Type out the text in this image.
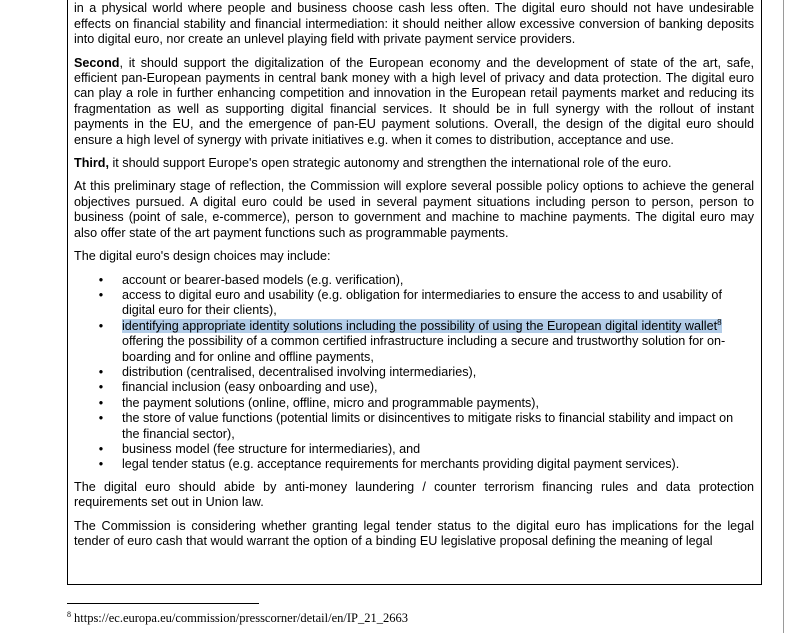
in a physical world where people and business choose cash less often. The digital euro should not have undesirable effects on financial stability and financial intermediation: it should neither allow excessive conversion of banking deposits into digital euro, nor create an unlevel playing field with private payment service providers.

Second, it should support the digitalization of the European economy and the development of state of the art, safe, efficient pan-European payments in central bank money with a high level of privacy and data protection. The digital euro can play a role in further enhancing competition and innovation in the European retail payments market and reducing its fragmentation as well as supporting digital financial services. It should be in full synergy with the rollout of instant payments in the EU, and the emergence of pan-EU payment solutions. Overall, the design of the digital euro should ensure a high level of synergy with private initiatives e.g. when it comes to distribution, acceptance and use.

Third, it should support Europe's open strategic autonomy and strengthen the international role of the euro.

At this preliminary stage of reflection, the Commission will explore several possible policy options to achieve the general objectives pursued. A digital euro could be used in several payment situations including person to person, person to business (point of sale, e-commerce), person to government and machine to machine payments. The digital euro may also offer state of the art payment functions such as programmable payments.

The digital euro's design choices may include:

• account or bearer-based models (e.g. verification),
• access to digital euro and usability (e.g. obligation for intermediaries to ensure the access to and usability of digital euro for their clients),
• identifying appropriate identity solutions including the possibility of using the European digital identity wallet$^8$
offering the possibility of a common certified infrastructure including a secure and trustworthy solution for on-boarding and for online and offline payments,
• distribution (centralised, decentralised involving intermediaries),
• financial inclusion (easy onboarding and use),
• the payment solutions (online, offline, micro and programmable payments),
• the store of value functions (potential limits or disincentives to mitigate risks to financial stability and impact on the financial sector),
• business model (fee structure for intermediaries), and
• legal tender status (e.g. acceptance requirements for merchants providing digital payment services).

The digital euro should abide by anti-money laundering / counter terrorism financing rules and data protection requirements set out in Union law.

The Commission is considering whether granting legal tender status to the digital euro has implications for the legal tender of euro cash that would warrant the option of a binding EU legislative proposal defining the meaning of legal

$^8$ https://ec.europa.eu/commission/presscorner/detail/en/IP_21_2663
